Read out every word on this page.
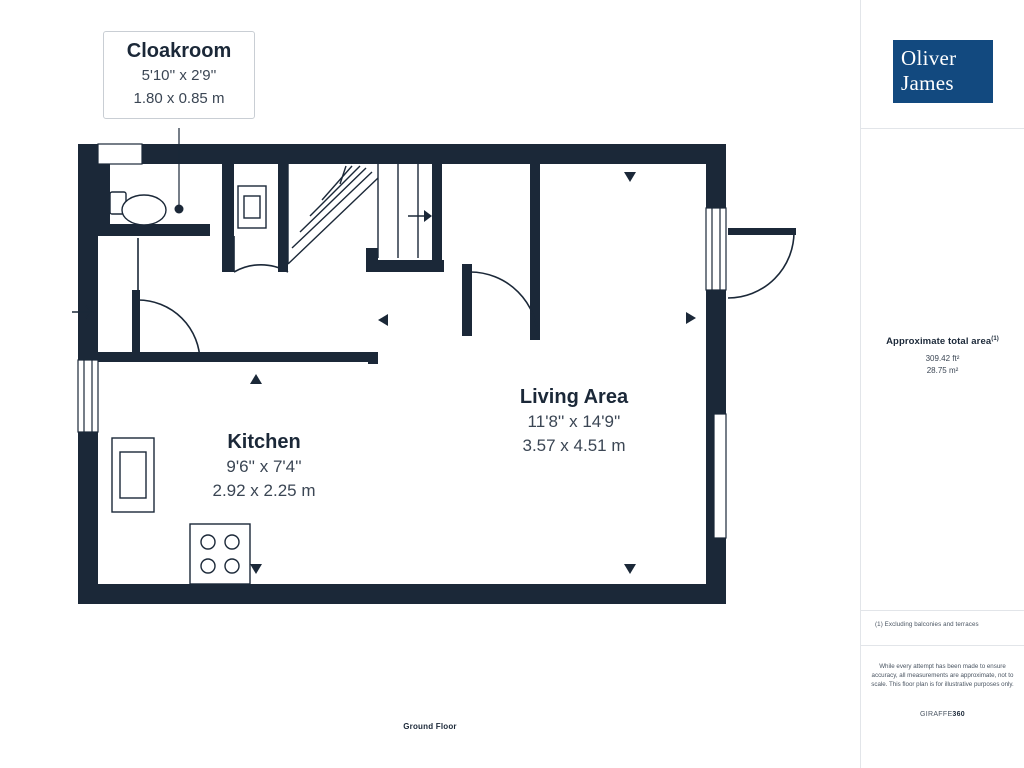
Cloakroom
5'10'' x 2'9''
1.80 x 0.85 m
Kitchen
9'6'' x 7'4''
2.92 x 2.25 m
Living Area
11'8'' x 14'9''
3.57 x 4.51 m
Ground Floor
Oliver
James
Approximate total area$^{(1)}$
309.42 ft²
28.75 m²
(1) Excluding balconies and terraces
While every attempt has been made to ensure accuracy, all measurements are approximate, not to scale. This floor plan is for illustrative purposes only.
GIRAFFE360
